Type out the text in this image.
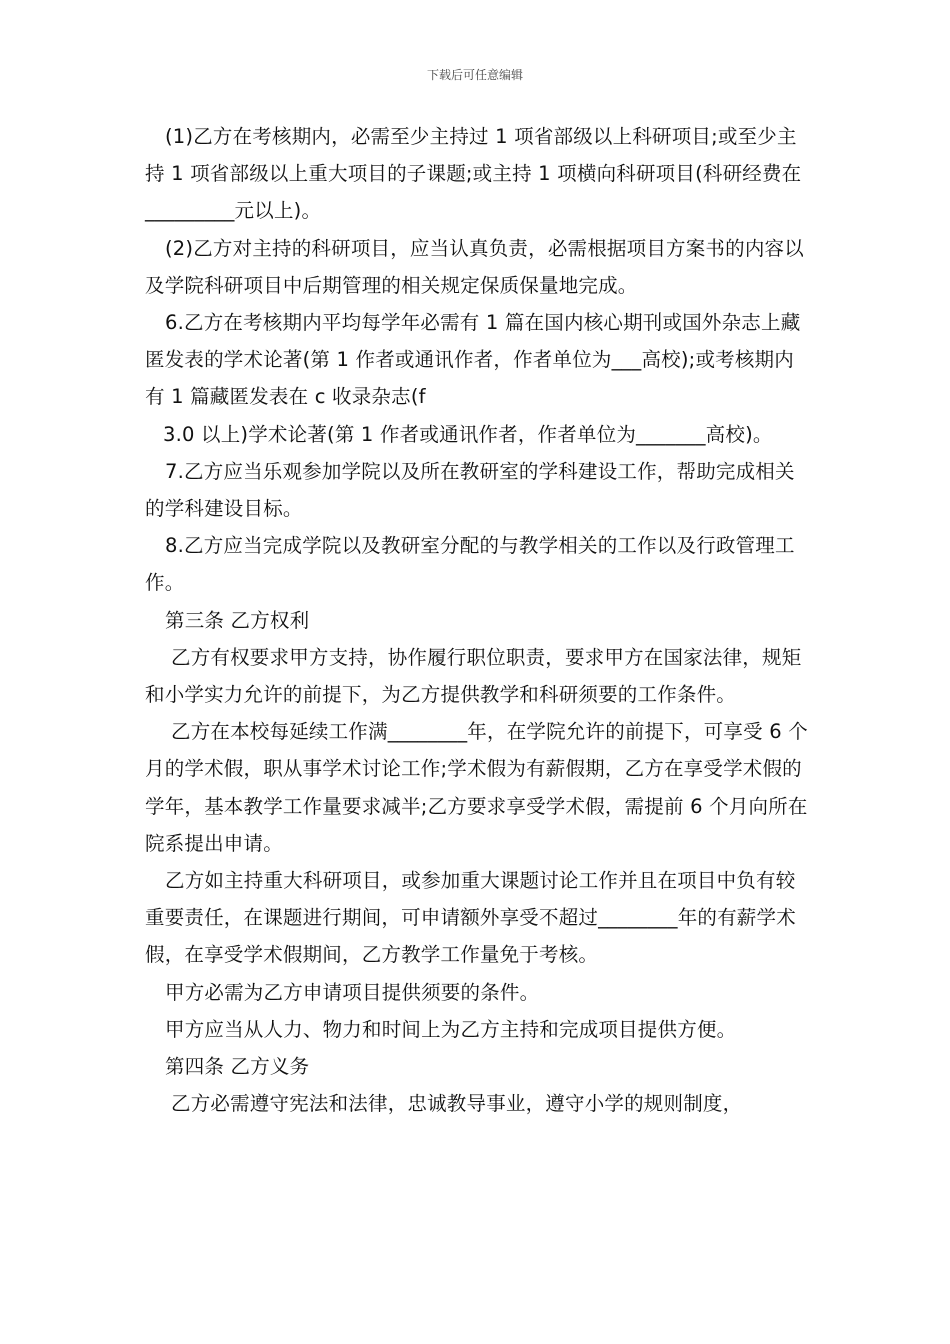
下载后可任意编辑

(1)乙方在考核期内，必需至少主持过 1 项省部级以上科研项目;或至少主持 1 项省部级以上重大项目的子课题;或主持 1 项横向科研项目(科研经费在_________元以上)。

(2)乙方对主持的科研项目，应当认真负责，必需根据项目方案书的内容以及学院科研项目中后期管理的相关规定保质保量地完成。

6.乙方在考核期内平均每学年必需有 1 篇在国内核心期刊或国外杂志上藏匿发表的学术论著(第 1 作者或通讯作者，作者单位为___高校);或考核期内有 1 篇藏匿发表在 c 收录杂志(f

3.0 以上)学术论著(第 1 作者或通讯作者，作者单位为_______高校)。

7.乙方应当乐观参加学院以及所在教研室的学科建设工作，帮助完成相关的学科建设目标。

8.乙方应当完成学院以及教研室分配的与教学相关的工作以及行政管理工作。

第三条 乙方权利

乙方有权要求甲方支持，协作履行职位职责，要求甲方在国家法律，规矩和小学实力允许的前提下，为乙方提供教学和科研须要的工作条件。

乙方在本校每延续工作满________年，在学院允许的前提下，可享受 6 个月的学术假，职从事学术讨论工作;学术假为有薪假期，乙方在享受学术假的学年，基本教学工作量要求减半;乙方要求享受学术假，需提前 6 个月向所在院系提出申请。

乙方如主持重大科研项目，或参加重大课题讨论工作并且在项目中负有较重要责任，在课题进行期间，可申请额外享受不超过________年的有薪学术假，在享受学术假期间，乙方教学工作量免于考核。

甲方必需为乙方申请项目提供须要的条件。

甲方应当从人力、物力和时间上为乙方主持和完成项目提供方便。

第四条 乙方义务

乙方必需遵守宪法和法律，忠诚教导事业，遵守小学的规则制度，
